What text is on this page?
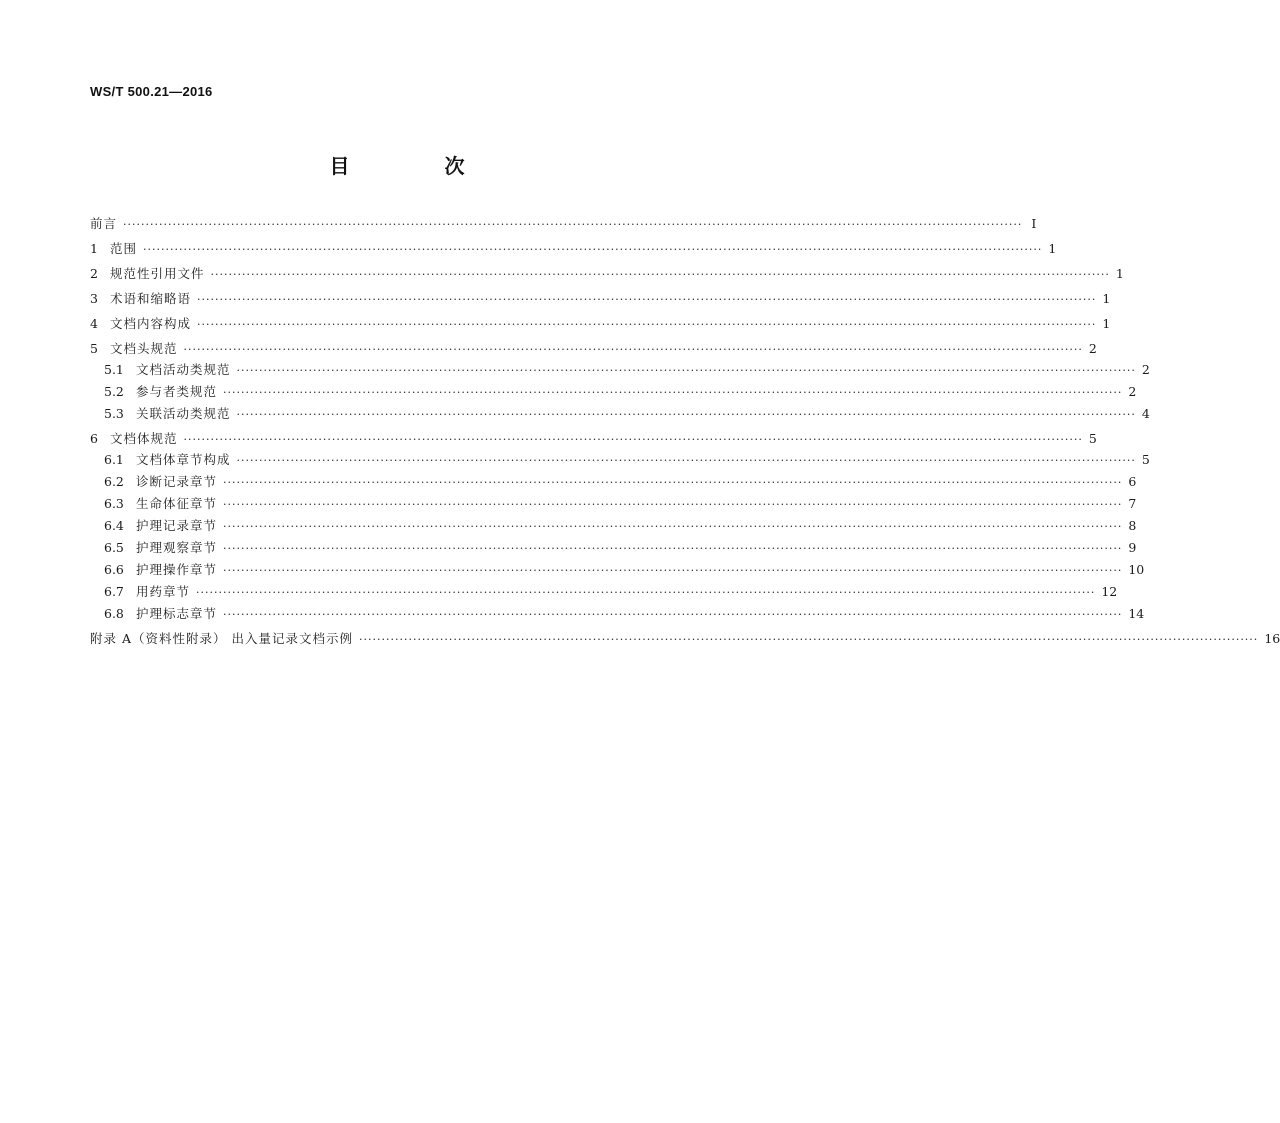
WS/T 500.21—2016
目 次
前言 ········································································································································································································ Ⅰ
1 范围 ········································································································································································································ 1
2 规范性引用文件 ········································································································································································································ 1
3 术语和缩略语 ········································································································································································································ 1
4 文档内容构成 ········································································································································································································ 1
5 文档头规范 ········································································································································································································ 2
5.1 文档活动类规范 ········································································································································································································ 2
5.2 参与者类规范 ········································································································································································································ 2
5.3 关联活动类规范 ········································································································································································································ 4
6 文档体规范 ········································································································································································································ 5
6.1 文档体章节构成 ········································································································································································································ 5
6.2 诊断记录章节 ········································································································································································································ 6
6.3 生命体征章节 ········································································································································································································ 7
6.4 护理记录章节 ········································································································································································································ 8
6.5 护理观察章节 ········································································································································································································ 9
6.6 护理操作章节 ········································································································································································································ 10
6.7 用药章节 ········································································································································································································ 12
6.8 护理标志章节 ········································································································································································································ 14
附录 A（资料性附录） 出入量记录文档示例 ········································································································································································································ 16
